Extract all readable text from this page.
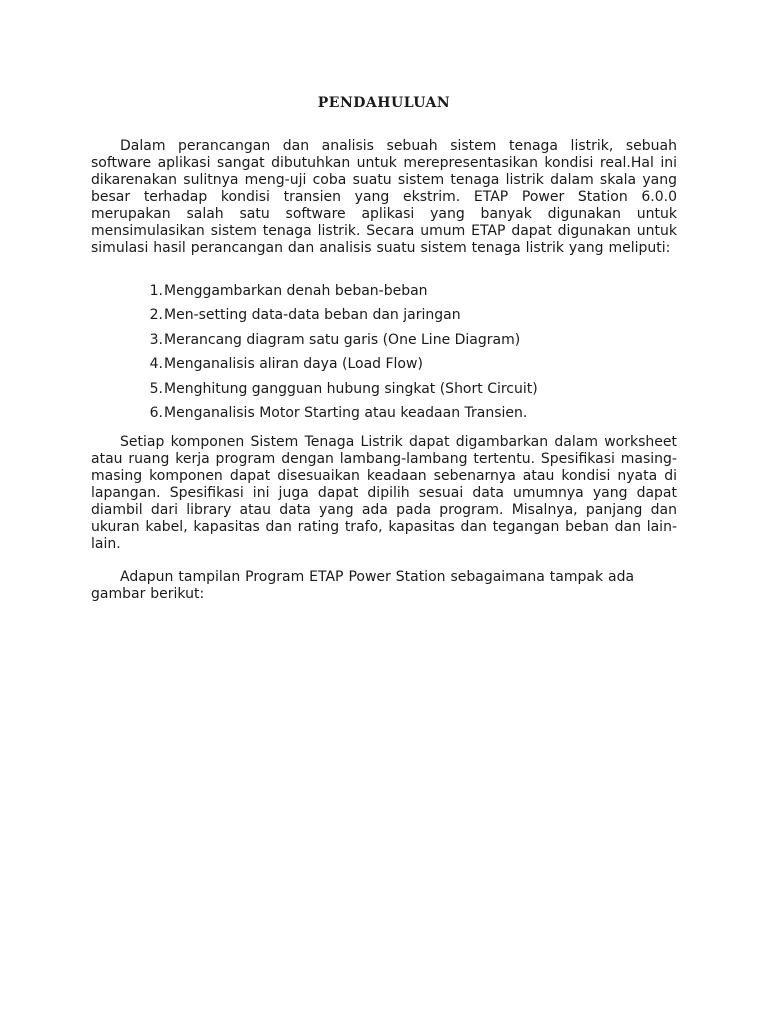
PENDAHULUAN

Dalam perancangan dan analisis sebuah sistem tenaga listrik, sebuah software aplikasi sangat dibutuhkan untuk merepresentasikan kondisi real.Hal ini dikarenakan sulitnya meng-uji coba suatu sistem tenaga listrik dalam skala yang besar terhadap kondisi transien yang ekstrim. ETAP Power Station 6.0.0 merupakan salah satu software aplikasi yang banyak digunakan untuk mensimulasikan sistem tenaga listrik. Secara umum ETAP dapat digunakan untuk simulasi hasil perancangan dan analisis suatu sistem tenaga listrik yang meliputi:

1. Menggambarkan denah beban-beban
2. Men-setting data-data beban dan jaringan
3. Merancang diagram satu garis (One Line Diagram)
4. Menganalisis aliran daya (Load Flow)
5. Menghitung gangguan hubung singkat (Short Circuit)
6. Menganalisis Motor Starting atau keadaan Transien.

Setiap komponen Sistem Tenaga Listrik dapat digambarkan dalam worksheet atau ruang kerja program dengan lambang-lambang tertentu. Spesifikasi masing-masing komponen dapat disesuaikan keadaan sebenarnya atau kondisi nyata di lapangan. Spesifikasi ini juga dapat dipilih sesuai data umumnya yang dapat diambil dari library atau data yang ada pada program. Misalnya, panjang dan ukuran kabel, kapasitas dan rating trafo, kapasitas dan tegangan beban dan lain-lain.

Adapun tampilan Program ETAP Power Station sebagaimana tampak ada gambar berikut:
